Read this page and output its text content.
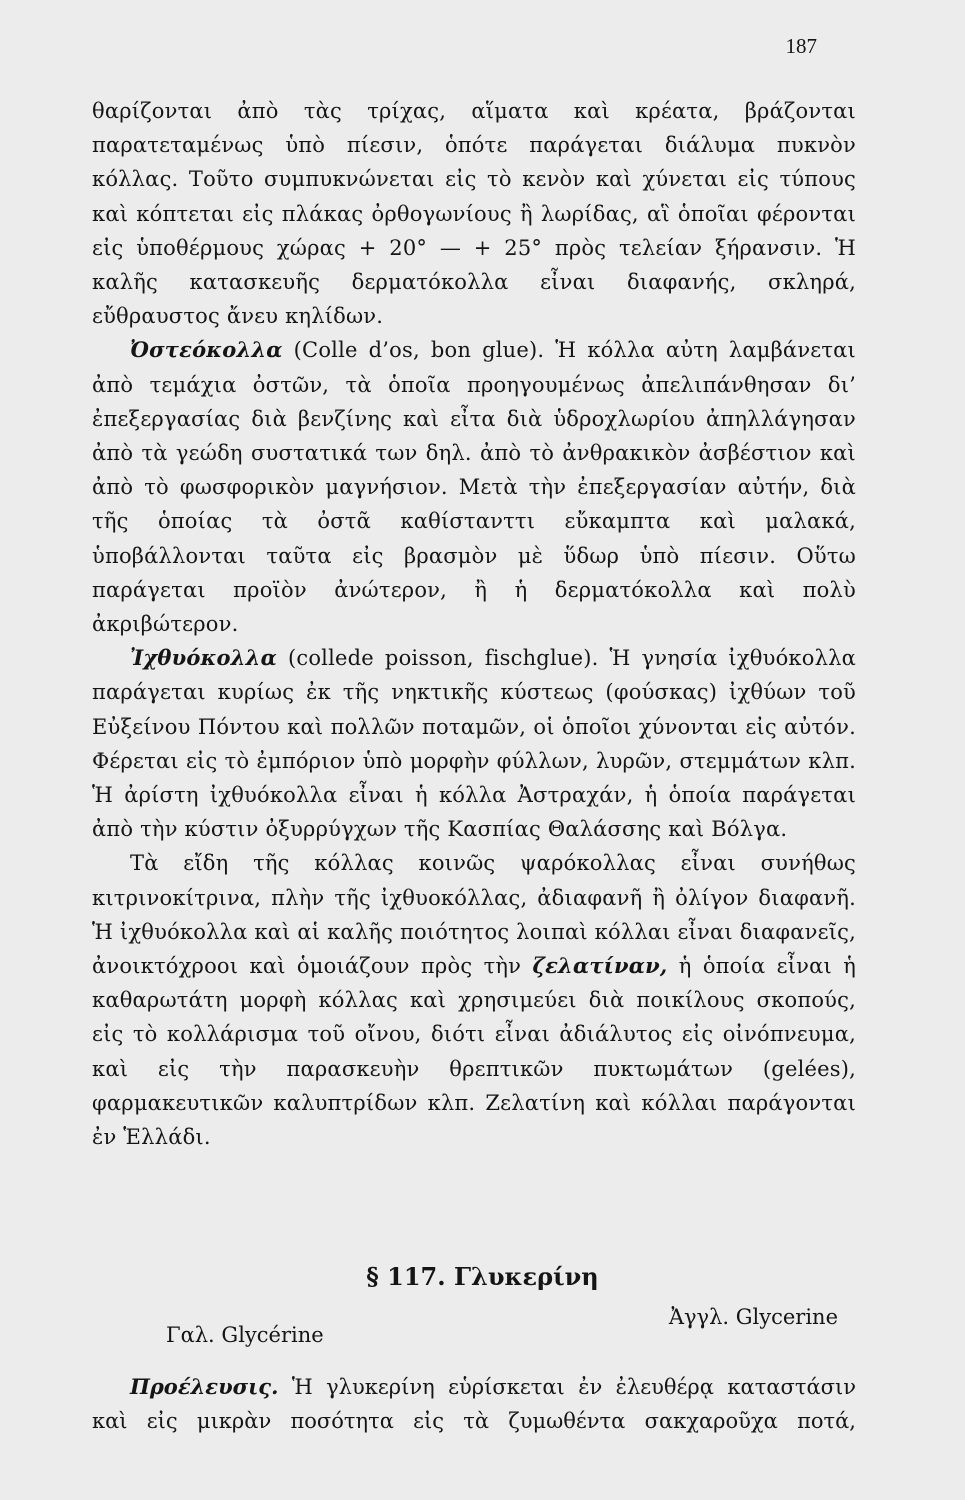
187

θαρίζονται ἀπὸ τὰς τρίχας, αἵματα καὶ κρέατα, βράζονται παρατεταμένως ὑπὸ πίεσιν, ὁπότε παράγεται διάλυμα πυκνὸν κόλλας. Τοῦτο συμπυκνώνεται εἰς τὸ κενὸν καὶ χύνεται εἰς τύπους καὶ κόπτεται εἰς πλάκας ὀρθογωνίους ἢ λωρίδας, αἳ ὁποῖαι φέρονται εἰς ὑποθέρμους χώρας + 20° — + 25° πρὸς τελείαν ξήρανσιν. Ἡ καλῆς κατασκευῆς δερματόκολλα εἶναι διαφανής, σκληρά, εὔθραυστος ἄνευ κηλίδων.

Ὀστεόκολλα (Colle d’os, bon glue). Ἡ κόλλα αὐτη λαμβάνεται ἀπὸ τεμάχια ὀστῶν, τὰ ὁποῖα προηγουμένως ἀπελιπάνθησαν δι’ ἐπεξεργασίας διὰ βενζίνης καὶ εἶτα διὰ ὑδροχλωρίου ἀπηλλάγησαν ἀπὸ τὰ γεώδη συστατικά των δηλ. ἀπὸ τὸ ἀνθρακικὸν ἀσβέστιον καὶ ἀπὸ τὸ φωσφορικὸν μαγνήσιον. Μετὰ τὴν ἐπεξεργασίαν αὐτήν, διὰ τῆς ὁποίας τὰ ὀστᾶ καθίστανττι εὔκαμπτα καὶ μαλακά, ὑποβάλλονται ταῦτα εἰς βρασμὸν μὲ ὕδωρ ὑπὸ πίεσιν. Οὕτω παράγεται προϊὸν ἀνώτερον, ἢ ἡ δερματόκολλα καὶ πολὺ ἀκριβώτερον.

Ἰχθυόκολλα (collede poisson, fischglue). Ἡ γνησία ἰχθυόκολλα παράγεται κυρίως ἐκ τῆς νηκτικῆς κύστεως (φούσκας) ἰχθύων τοῦ Εὐξείνου Πόντου καὶ πολλῶν ποταμῶν, οἱ ὁποῖοι χύνονται εἰς αὐτόν. Φέρεται εἰς τὸ ἐμπόριον ὑπὸ μορφὴν φύλλων, λυρῶν, στεμμάτων κλπ. Ἡ ἀρίστη ἰχθυόκολλα εἶναι ἡ κόλλα Ἀστραχάν, ἡ ὁποία παράγεται ἀπὸ τὴν κύστιν ὀξυρρύγχων τῆς Κασπίας Θαλάσσης καὶ Βόλγα.

Τὰ εἴδη τῆς κόλλας κοινῶς ψαρόκολλας εἶναι συνήθως κιτρινοκίτρινα, πλὴν τῆς ἰχθυοκόλλας, ἀδιαφανῆ ἢ ὀλίγον διαφανῆ. Ἡ ἰχθυόκολλα καὶ αἱ καλῆς ποιότητος λοιπαὶ κόλλαι εἶναι διαφανεῖς, ἀνοικτόχροοι καὶ ὁμοιάζουν πρὸς τὴν ζελατίναν, ἡ ὁποία εἶναι ἡ καθαρωτάτη μορφὴ κόλλας καὶ χρησιμεύει διὰ ποικίλους σκοπούς, εἰς τὸ κολλάρισμα τοῦ οἴνου, διότι εἶναι ἀδιάλυτος εἰς οἰνόπνευμα, καὶ εἰς τὴν παρασκευὴν θρεπτικῶν πυκτωμάτων (gelées), φαρμακευτικῶν καλυπτρίδων κλπ. Ζελατίνη καὶ κόλλαι παράγονται ἐν Ἑλλάδι.

§ 117. Γλυκερίνη
Γαλ. Glycérine
Ἀγγλ. Glycerine

Προέλευσις. Ἡ γλυκερίνη εὑρίσκεται ἐν ἐλευθέρᾳ καταστάσιν καὶ εἰς μικρὰν ποσότητα εἰς τὰ ζυμωθέντα σακχαροῦχα ποτά,
